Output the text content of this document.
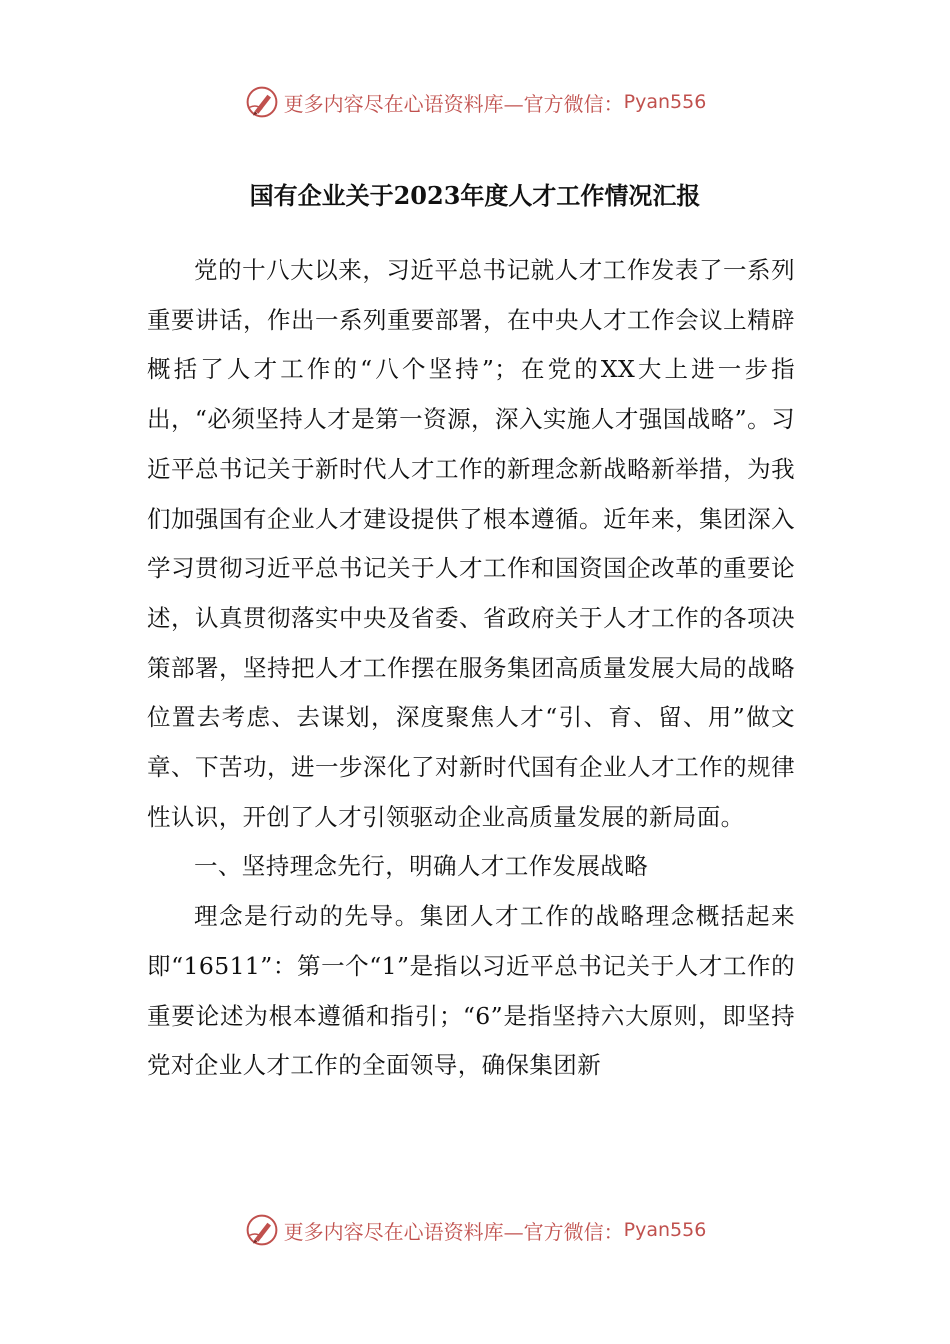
更多内容尽在心语资料库—官方微信： Pyan556
国有企业关于2023年度人才工作情况汇报

党的十八大以来，习近平总书记就人才工作发表了一系列重要讲话，作出一系列重要部署，在中央人才工作会议上精辟概括了人才工作的“八个坚持”；在党的XX大上进一步指出，“必须坚持人才是第一资源，深入实施人才强国战略”。习近平总书记关于新时代人才工作的新理念新战略新举措，为我们加强国有企业人才建设提供了根本遵循。近年来，集团深入学习贯彻习近平总书记关于人才工作和国资国企改革的重要论述，认真贯彻落实中央及省委、省政府关于人才工作的各项决策部署，坚持把人才工作摆在服务集团高质量发展大局的战略位置去考虑、去谋划，深度聚焦人才“引、育、留、用”做文章、下苦功，进一步深化了对新时代国有企业人才工作的规律性认识，开创了人才引领驱动企业高质量发展的新局面。

一、坚持理念先行，明确人才工作发展战略

理念是行动的先导。集团人才工作的战略理念概括起来即“16511”：第一个“1”是指以习近平总书记关于人才工作的重要论述为根本遵循和指引；“6”是指坚持六大原则，即坚持党对企业人才工作的全面领导，确保集团新

更多内容尽在心语资料库—官方微信： Pyan556
